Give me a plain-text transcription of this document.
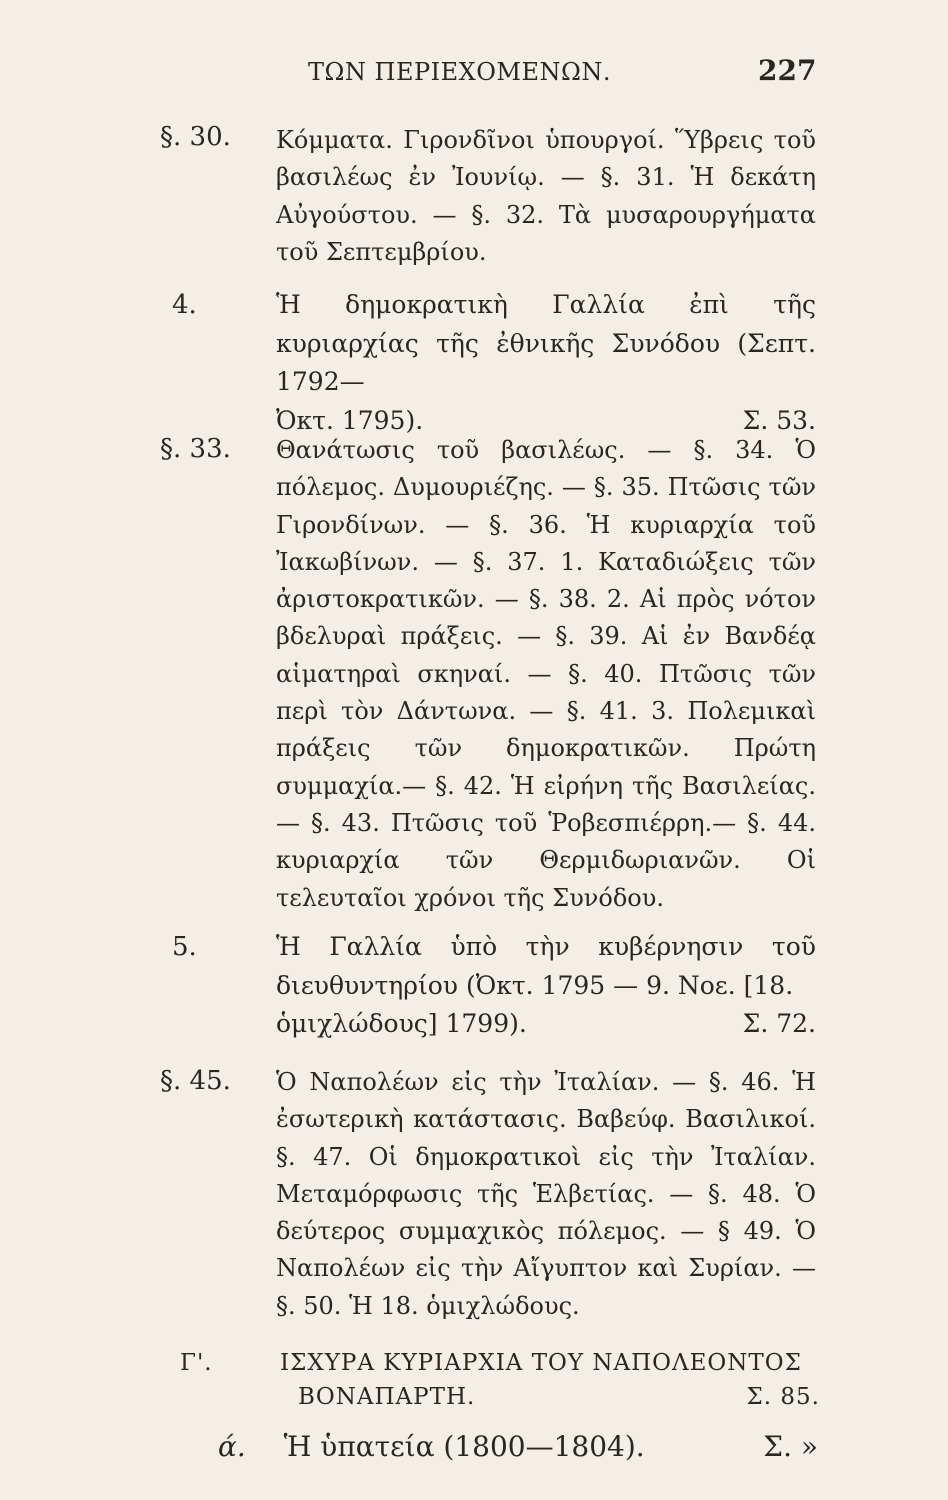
ΤΩΝ ΠΕΡΙΕΧΟΜΕΝΩΝ.	227
§. 30. Κόμματα. Γιρονδῖνοι ὑπουργοί. Ὕβρεις τοῦ βασιλέως ἐν Ἰουνίῳ. — §. 31. Ἡ δεκάτη Αὐγούστου. — §. 32. Τὰ μυσαρουργήματα τοῦ Σεπτεμβρίου.
4.	Ἡ δημοκρατικὴ Γαλλία ἐπὶ τῆς κυριαρχίας τῆς ἐθνικῆς Συνόδου (Σεπτ. 1792—
Ὀκτ. 1795).	Σ. 53.
§. 33. Θανάτωσις τοῦ βασιλέως. — §. 34. Ὁ πόλεμος. Δυμουριέζης. — §. 35. Πτῶσις τῶν Γιρονδίνων. — §. 36. Ἡ κυριαρχία τοῦ Ἰακωβίνων. — §. 37. 1. Καταδιώξεις τῶν ἀριστοκρατικῶν. — §. 38. 2. Αἱ πρὸς νότον βδελυραὶ πράξεις. — §. 39. Αἱ ἐν Βανδέᾳ αἱματηραὶ σκηναί. — §. 40. Πτῶσις τῶν περὶ τὸν Δάντωνα. — §. 41. 3. Πολεμικαὶ πράξεις τῶν δημοκρατικῶν. Πρώτη συμμαχία.— §. 42. Ἡ εἰρήνη τῆς Βασιλείας. — §. 43. Πτῶσις τοῦ Ῥοβεσπιέρρη.— §. 44. κυριαρχία τῶν Θερμιδωριανῶν. Οἱ τελευταῖοι χρόνοι τῆς Συνόδου.
5.	Ἡ Γαλλία ὑπὸ τὴν κυβέρνησιν τοῦ διευθυντηρίου (Ὀκτ. 1795 — 9. Νοε. [18.
ὁμιχλώδους] 1799).	Σ. 72.
§. 45. Ὁ Ναπολέων εἰς τὴν Ἰταλίαν. — §. 46. Ἡ ἐσωτερικὴ κατάστασις. Βαβεύφ. Βασιλικοί. §. 47. Οἱ δημοκρατικοὶ εἰς τὴν Ἰταλίαν. Μεταμόρφωσις τῆς Ἑλβετίας. — §. 48. Ὁ δεύτερος συμμαχικὸς πόλεμος. — § 49. Ὁ Ναπολέων εἰς τὴν Αἴγυπτον καὶ Συρίαν. — §. 50. Ἡ 18. ὁμιχλώδους.
Γ'.	ΙΣΧΥΡΑ ΚΥΡΙΑΡΧΙΑ ΤΟΥ ΝΑΠΟΛΕΟΝΤΟΣ
ΒΟΝΑΠΑΡΤΗ.	Σ. 85.
ά. Ἡ ὑπατεία (1800—1804).	Σ. »
